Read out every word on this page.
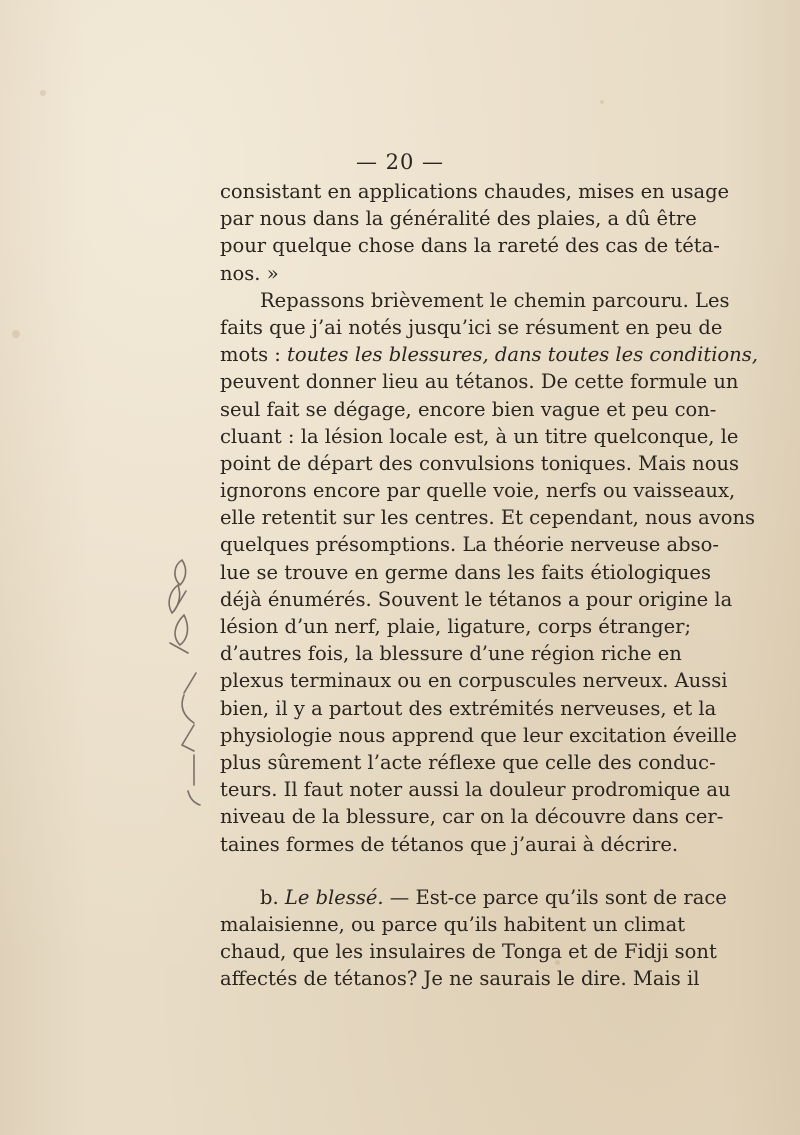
— 20 —
consistant en applications chaudes, mises en usage
par nous dans la généralité des plaies, a dû être
pour quelque chose dans la rareté des cas de téta-
nos. »
Repassons brièvement le chemin parcouru. Les
faits que j’ai notés jusqu’ici se résument en peu de
mots : toutes les blessures, dans toutes les conditions,
peuvent donner lieu au tétanos. De cette formule un
seul fait se dégage, encore bien vague et peu con-
cluant : la lésion locale est, à un titre quelconque, le
point de départ des convulsions toniques. Mais nous
ignorons encore par quelle voie, nerfs ou vaisseaux,
elle retentit sur les centres. Et cependant, nous avons
quelques présomptions. La théorie nerveuse abso-
lue se trouve en germe dans les faits étiologiques
déjà énumérés. Souvent le tétanos a pour origine la
lésion d’un nerf, plaie, ligature, corps étranger;
d’autres fois, la blessure d’une région riche en
plexus terminaux ou en corpuscules nerveux. Aussi
bien, il y a partout des extrémités nerveuses, et la
physiologie nous apprend que leur excitation éveille
plus sûrement l’acte réflexe que celle des conduc-
teurs. Il faut noter aussi la douleur prodromique au
niveau de la blessure, car on la découvre dans cer-
taines formes de tétanos que j’aurai à décrire.
b. Le blessé. — Est-ce parce qu’ils sont de race
malaisienne, ou parce qu’ils habitent un climat
chaud, que les insulaires de Tonga et de Fidji sont
affectés de tétanos? Je ne saurais le dire. Mais il
